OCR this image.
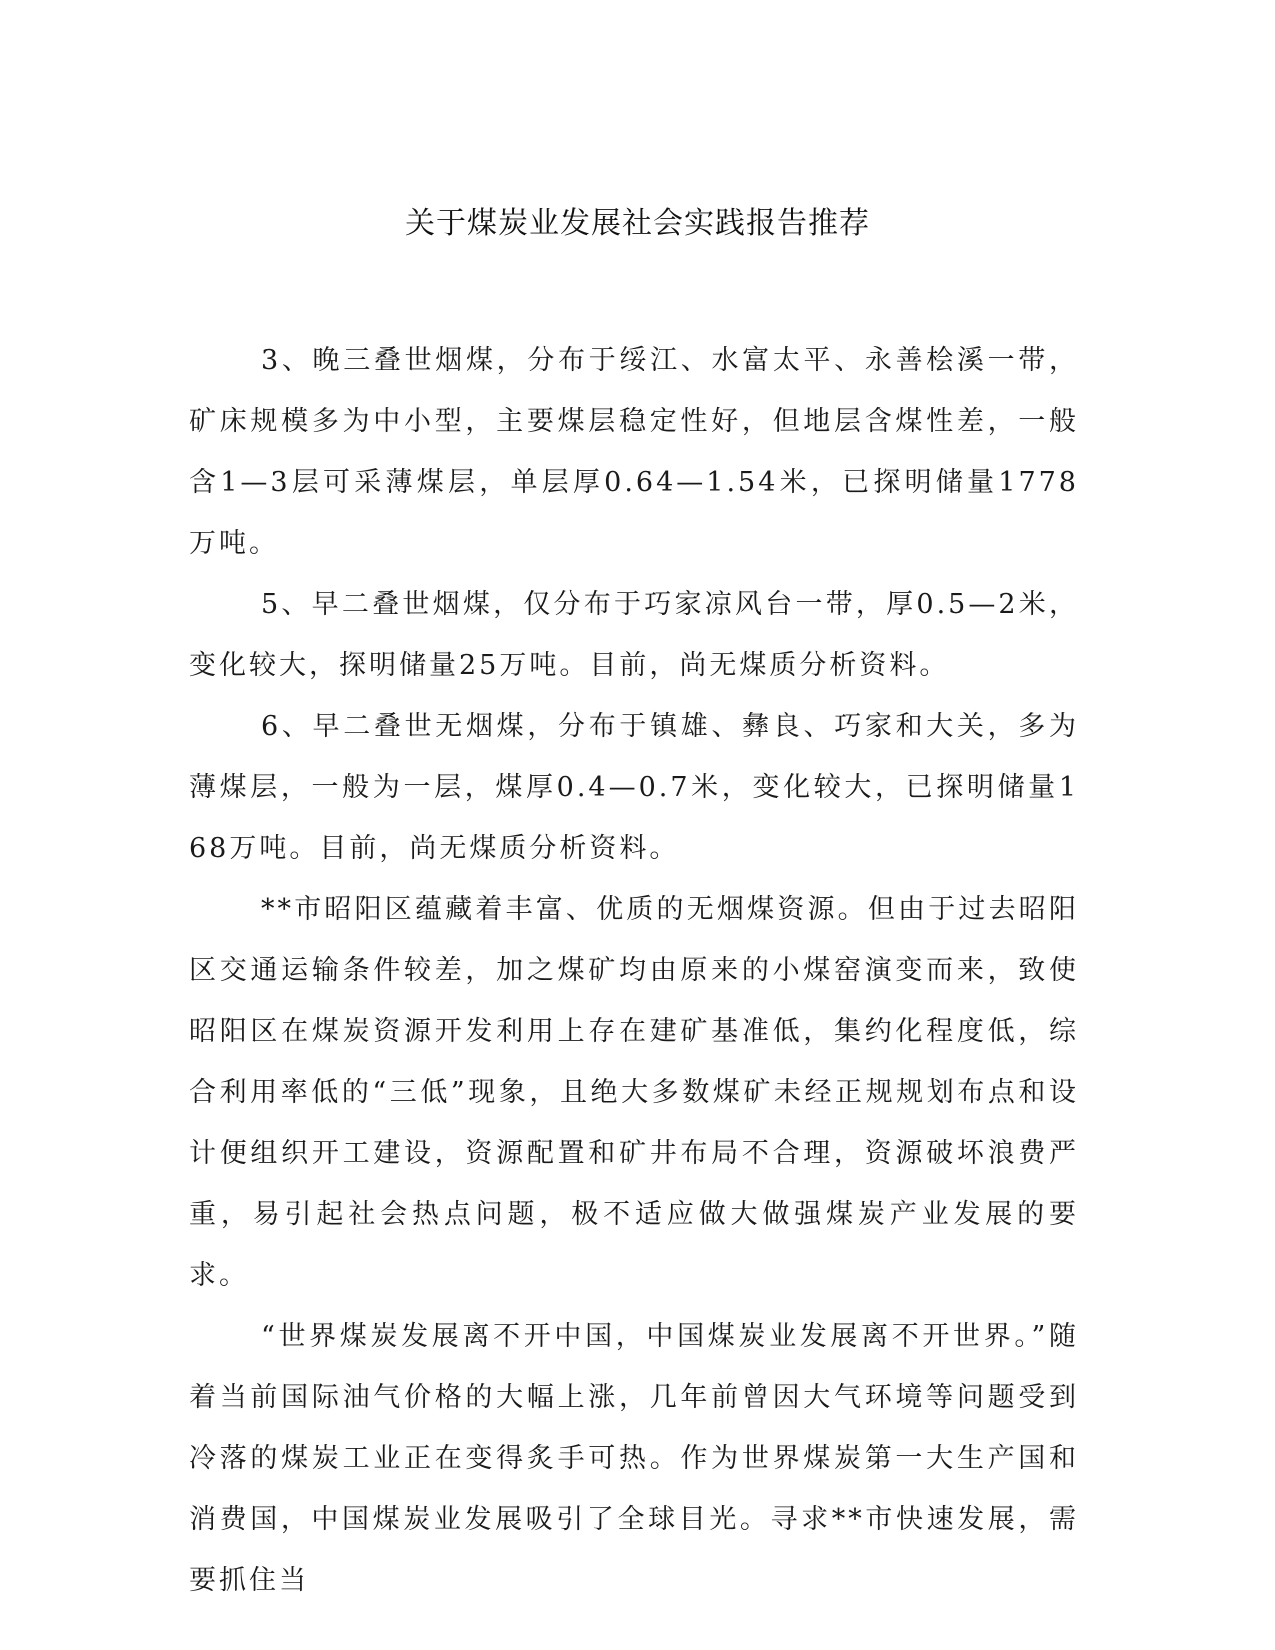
关于煤炭业发展社会实践报告推荐

3、晚三叠世烟煤，分布于绥江、水富太平、永善桧溪一带，矿床规模多为中小型，主要煤层稳定性好，但地层含煤性差，一般含1—3层可采薄煤层，单层厚0.64—1.54米，已探明储量1778万吨。

5、早二叠世烟煤，仅分布于巧家凉风台一带，厚0.5—2米，变化较大，探明储量25万吨。目前，尚无煤质分析资料。

6、早二叠世无烟煤，分布于镇雄、彝良、巧家和大关，多为薄煤层，一般为一层，煤厚0.4—0.7米，变化较大，已探明储量168万吨。目前，尚无煤质分析资料。

**市昭阳区蕴藏着丰富、优质的无烟煤资源。但由于过去昭阳区交通运输条件较差，加之煤矿均由原来的小煤窑演变而来，致使昭阳区在煤炭资源开发利用上存在建矿基准低，集约化程度低，综合利用率低的“三低”现象，且绝大多数煤矿未经正规规划布点和设计便组织开工建设，资源配置和矿井布局不合理，资源破坏浪费严重，易引起社会热点问题，极不适应做大做强煤炭产业发展的要求。

“世界煤炭发展离不开中国，中国煤炭业发展离不开世界。”随着当前国际油气价格的大幅上涨，几年前曾因大气环境等问题受到冷落的煤炭工业正在变得炙手可热。作为世界煤炭第一大生产国和消费国，中国煤炭业发展吸引了全球目光。寻求**市快速发展，需要抓住当
